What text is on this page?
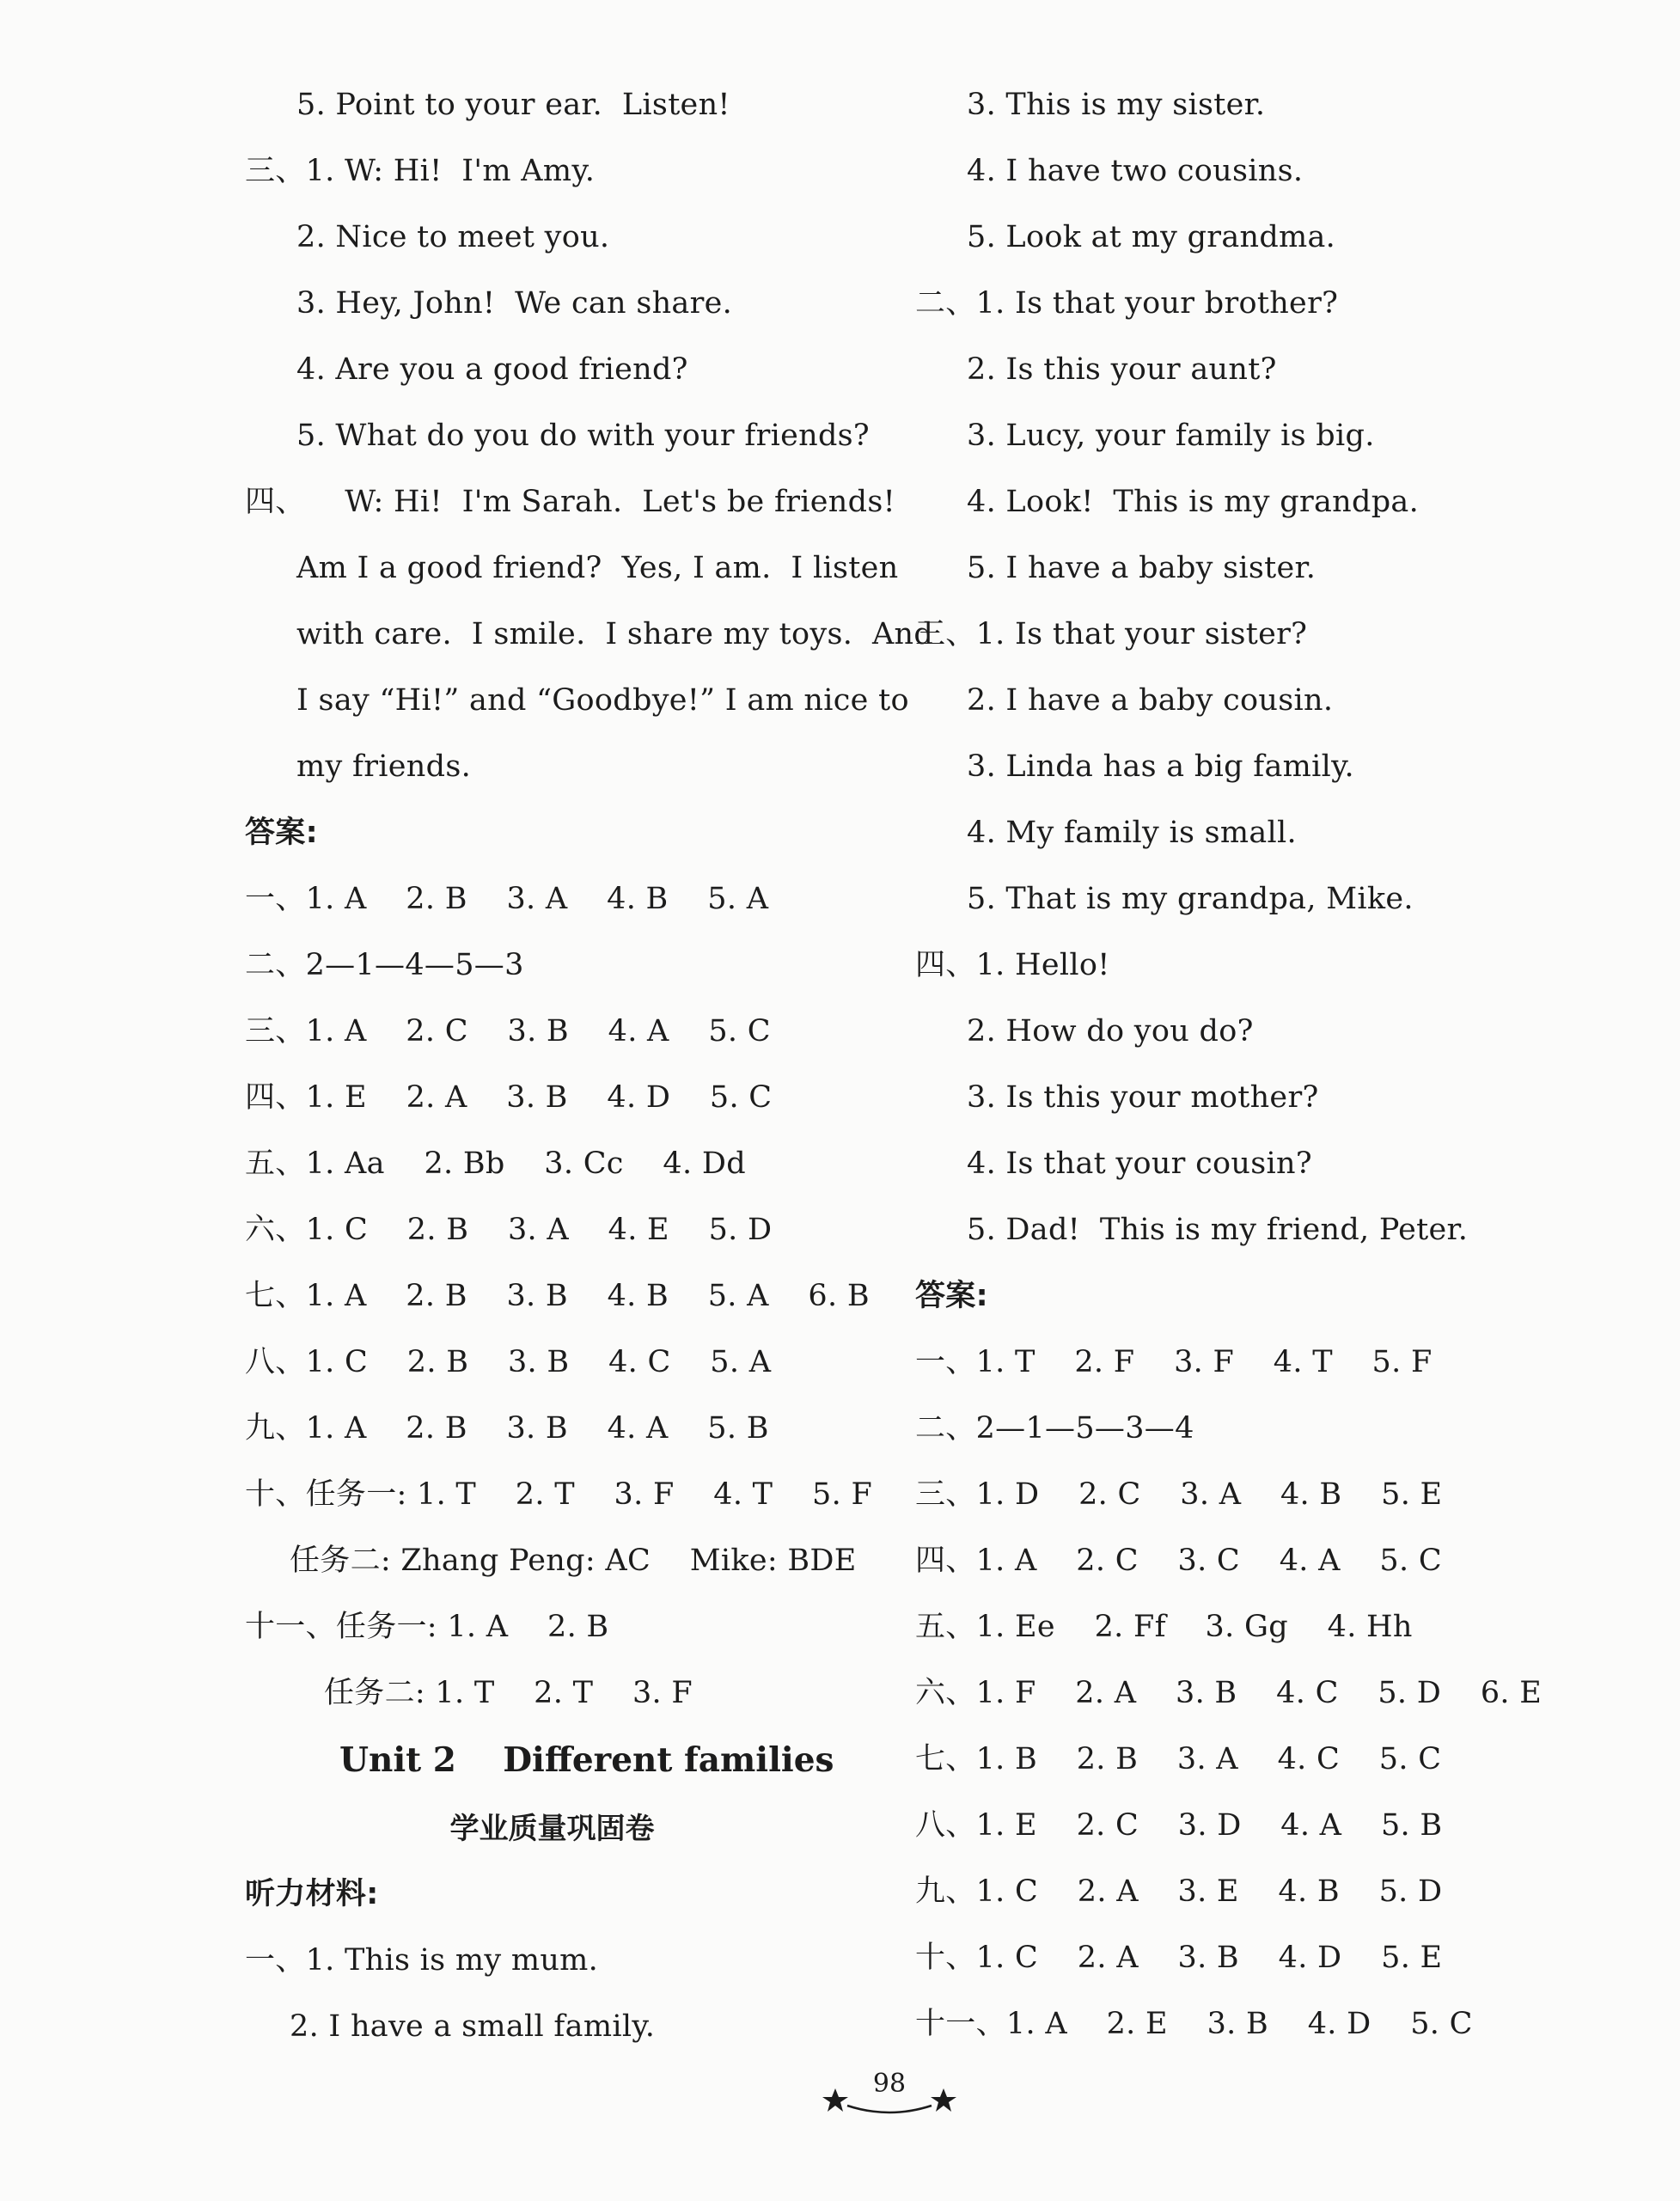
5. Point to your ear.  Listen!
三、1. W: Hi!  I'm Amy.
2. Nice to meet you.
3. Hey, John!  We can share.
4. Are you a good friend?
5. What do you do with your friends?
四、    W: Hi!  I'm Sarah.  Let's be friends!
Am I a good friend?  Yes, I am.  I listen
with care.  I smile.  I share my toys.  And
I say “Hi!” and “Goodbye!” I am nice to
my friends.
答案:
一、1. A    2. B    3. A    4. B    5. A
二、2—1—4—5—3
三、1. A    2. C    3. B    4. A    5. C
四、1. E    2. A    3. B    4. D    5. C
五、1. Aa    2. Bb    3. Cc    4. Dd
六、1. C    2. B    3. A    4. E    5. D
七、1. A    2. B    3. B    4. B    5. A    6. B
八、1. C    2. B    3. B    4. C    5. A
九、1. A    2. B    3. B    4. A    5. B
十、任务一: 1. T    2. T    3. F    4. T    5. F
任务二: Zhang Peng: AC    Mike: BDE
十一、任务一: 1. A    2. B
任务二: 1. T    2. T    3. F
Unit 2    Different families
学业质量巩固卷
听力材料:
一、1. This is my mum.
2. I have a small family.
3. This is my sister.
4. I have two cousins.
5. Look at my grandma.
二、1. Is that your brother?
2. Is this your aunt?
3. Lucy, your family is big.
4. Look!  This is my grandpa.
5. I have a baby sister.
三、1. Is that your sister?
2. I have a baby cousin.
3. Linda has a big family.
4. My family is small.
5. That is my grandpa, Mike.
四、1. Hello!
2. How do you do?
3. Is this your mother?
4. Is that your cousin?
5. Dad!  This is my friend, Peter.
答案:
一、1. T    2. F    3. F    4. T    5. F
二、2—1—5—3—4
三、1. D    2. C    3. A    4. B    5. E
四、1. A    2. C    3. C    4. A    5. C
五、1. Ee    2. Ff    3. Gg    4. Hh
六、1. F    2. A    3. B    4. C    5. D    6. E
七、1. B    2. B    3. A    4. C    5. C
八、1. E    2. C    3. D    4. A    5. B
九、1. C    2. A    3. E    4. B    5. D
十、1. C    2. A    3. B    4. D    5. E
十一、1. A    2. E    3. B    4. D    5. C
98
